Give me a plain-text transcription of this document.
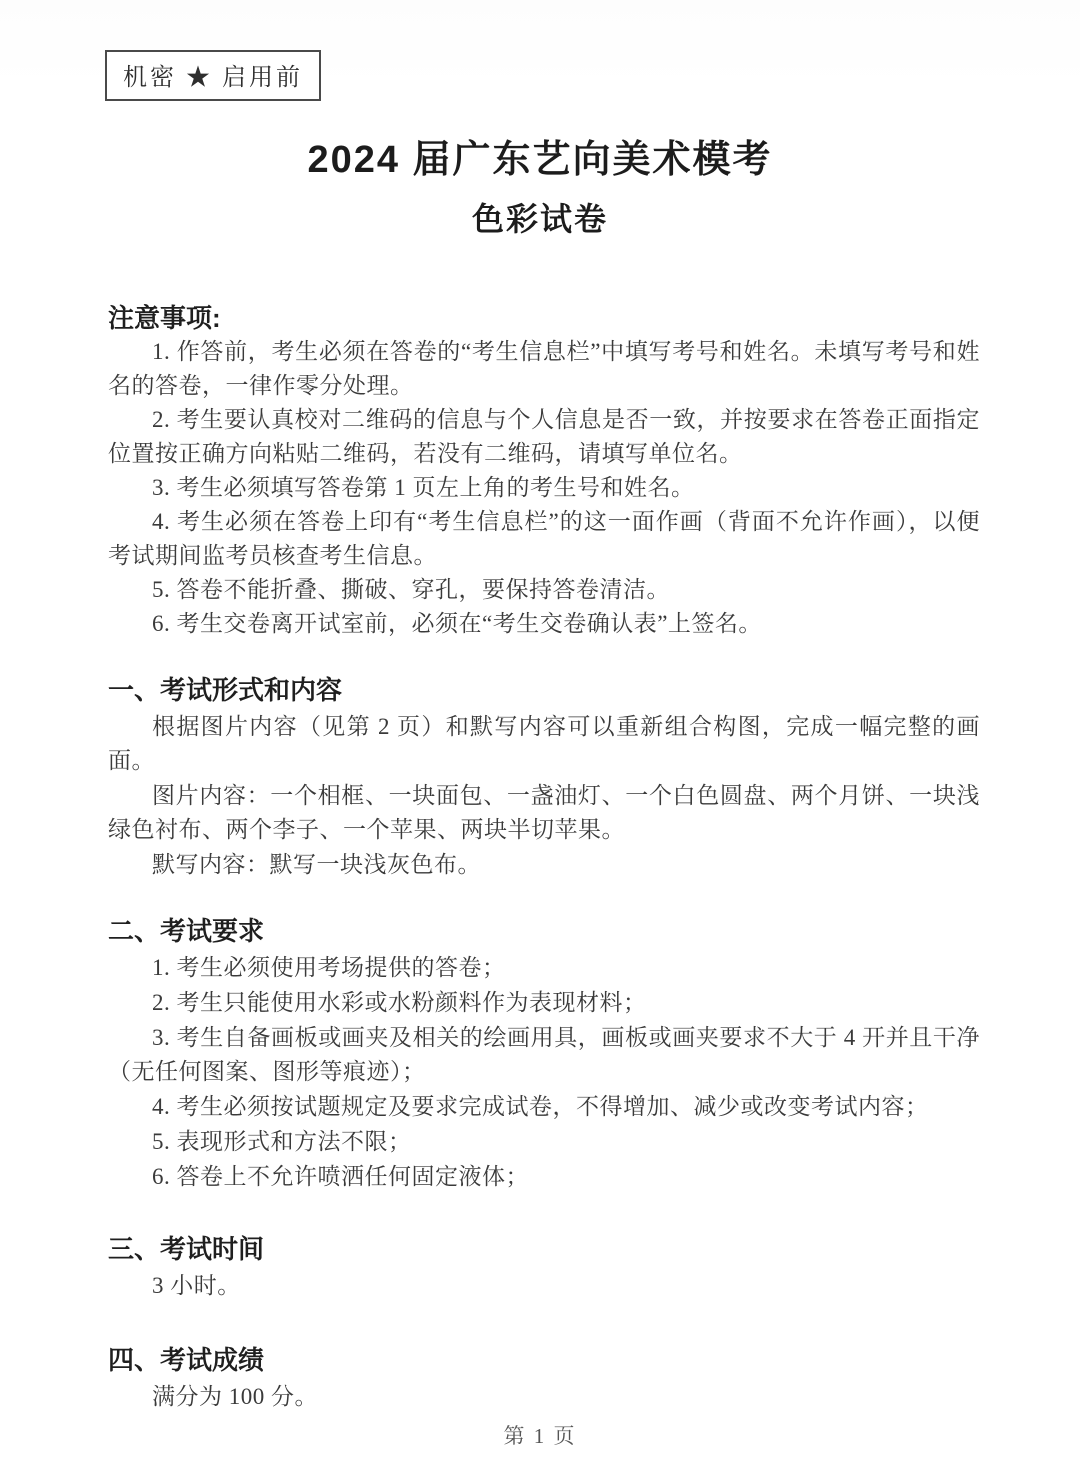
机密 ★ 启用前
2024 届广东艺向美术模考
色彩试卷
注意事项:
1. 作答前，考生必须在答卷的“考生信息栏”中填写考号和姓名。未填写考号和姓名的答卷，一律作零分处理。
2. 考生要认真校对二维码的信息与个人信息是否一致，并按要求在答卷正面指定位置按正确方向粘贴二维码，若没有二维码，请填写单位名。
3. 考生必须填写答卷第 1 页左上角的考生号和姓名。
4. 考生必须在答卷上印有“考生信息栏”的这一面作画（背面不允许作画），以便考试期间监考员核查考生信息。
5. 答卷不能折叠、撕破、穿孔，要保持答卷清洁。
6. 考生交卷离开试室前，必须在“考生交卷确认表”上签名。
一、考试形式和内容
根据图片内容（见第 2 页）和默写内容可以重新组合构图，完成一幅完整的画面。
图片内容：一个相框、一块面包、一盏油灯、一个白色圆盘、两个月饼、一块浅绿色衬布、两个李子、一个苹果、两块半切苹果。
默写内容：默写一块浅灰色布。
二、考试要求
1. 考生必须使用考场提供的答卷；
2. 考生只能使用水彩或水粉颜料作为表现材料；
3. 考生自备画板或画夹及相关的绘画用具，画板或画夹要求不大于 4 开并且干净（无任何图案、图形等痕迹）；
4. 考生必须按试题规定及要求完成试卷，不得增加、减少或改变考试内容；
5. 表现形式和方法不限；
6. 答卷上不允许喷洒任何固定液体；
三、考试时间
3 小时。
四、考试成绩
满分为 100 分。
第 1 页
